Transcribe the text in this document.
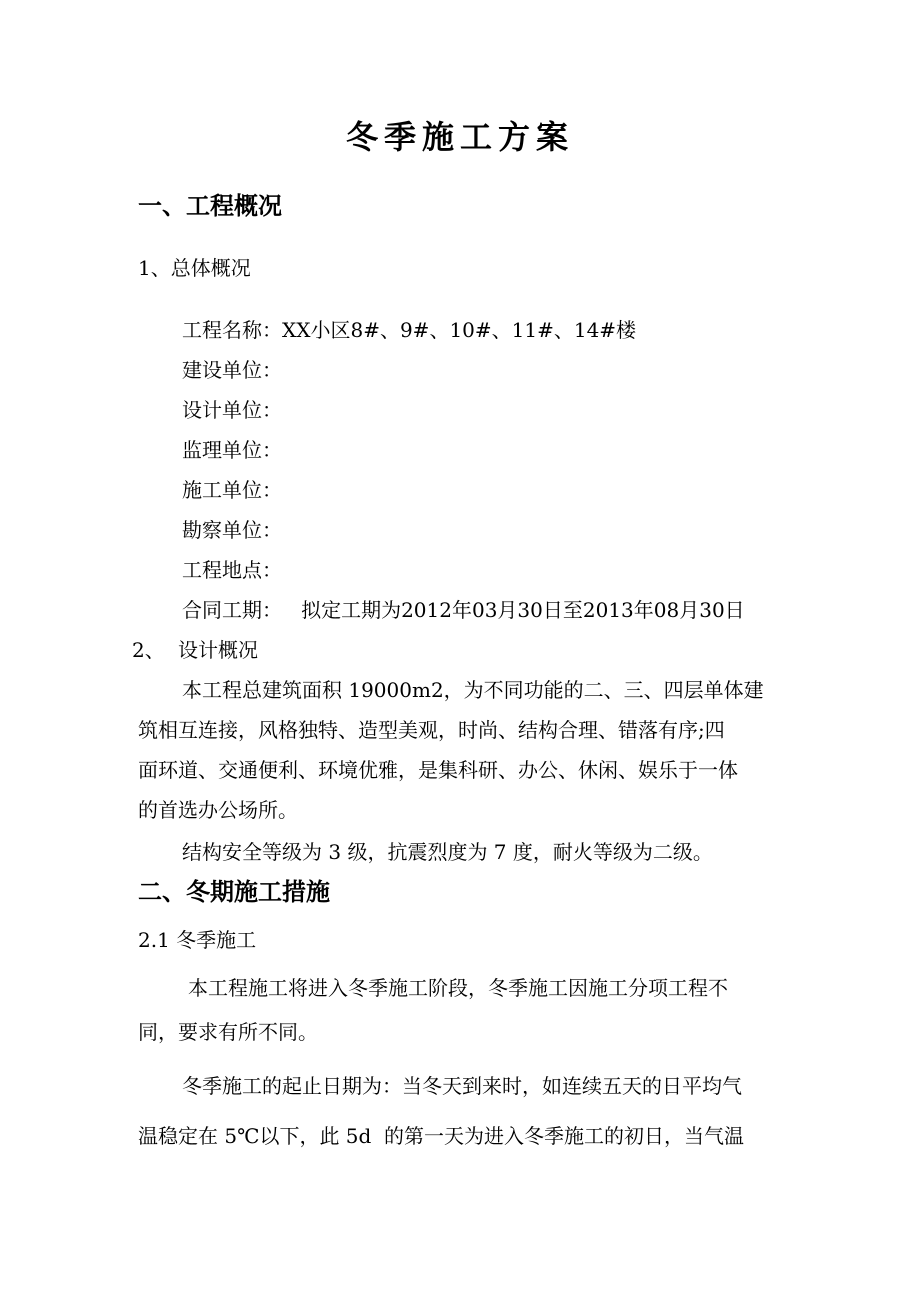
冬季施工方案
一、工程概况
1、总体概况
工程名称：XX小区8#、9#、10#、11#、14#楼
建设单位：
设计单位：
监理单位：
施工单位：
勘察单位：
工程地点：
合同工期：   拟定工期为2012年03月30日至2013年08月30日
2、 设计概况
本工程总建筑面积 19000m2，为不同功能的二、三、四层单体建
筑相互连接，风格独特、造型美观，时尚、结构合理、错落有序;四
面环道、交通便利、环境优雅，是集科研、办公、休闲、娱乐于一体
的首选办公场所。
结构安全等级为 3 级，抗震烈度为 7 度，耐火等级为二级。
二、冬期施工措施
2.1 冬季施工
本工程施工将进入冬季施工阶段，冬季施工因施工分项工程不
同，要求有所不同。
冬季施工的起止日期为：当冬天到来时，如连续五天的日平均气
温稳定在 5℃以下，此 5d  的第一天为进入冬季施工的初日，当气温
